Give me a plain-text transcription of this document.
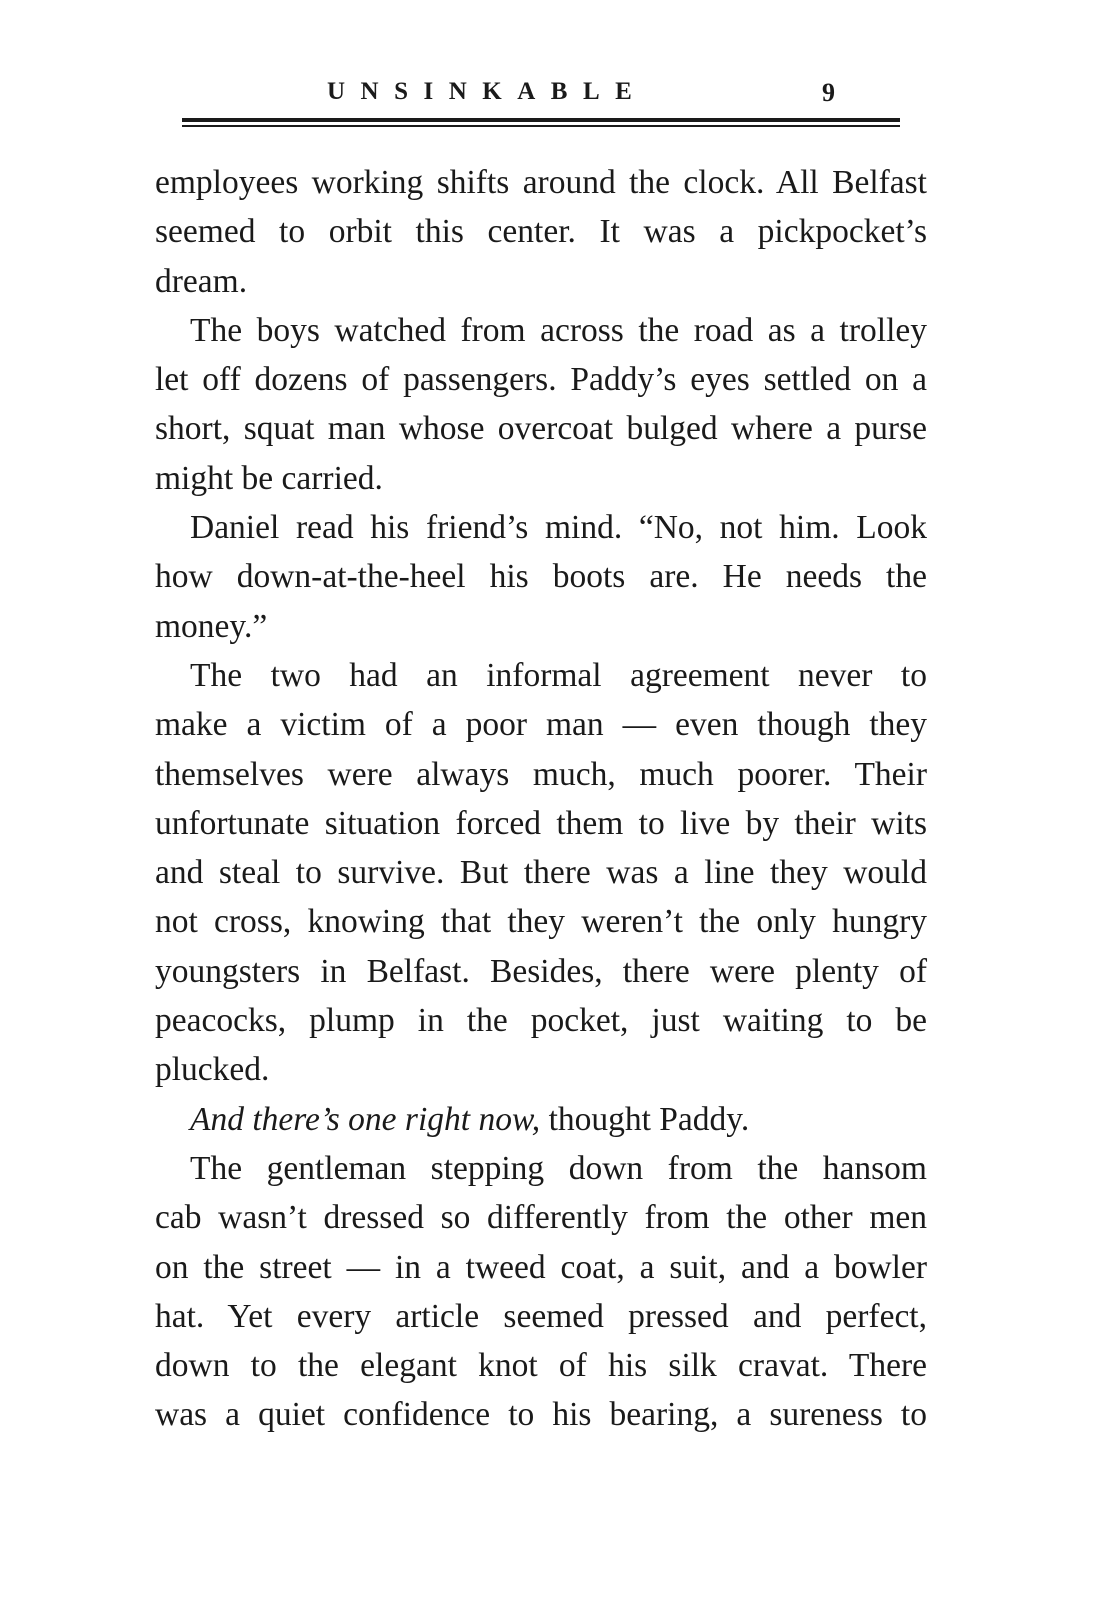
UNSINKABLE	9
employees working shifts around the clock. All Belfast
seemed to orbit this center. It was a pickpocket’s
dream.
The boys watched from across the road as a trolley
let off dozens of passengers. Paddy’s eyes settled on a
short, squat man whose overcoat bulged where a purse
might be carried.
Daniel read his friend’s mind. “No, not him. Look
how down-at-the-heel his boots are. He needs the
money.”
The two had an informal agreement never to
make a victim of a poor man — even though they
themselves were always much, much poorer. Their
unfortunate situation forced them to live by their wits
and steal to survive. But there was a line they would
not cross, knowing that they weren’t the only hungry
youngsters in Belfast. Besides, there were plenty of
peacocks, plump in the pocket, just waiting to be
plucked.
And there’s one right now, thought Paddy.
The gentleman stepping down from the hansom
cab wasn’t dressed so differently from the other men
on the street — in a tweed coat, a suit, and a bowler
hat. Yet every article seemed pressed and perfect,
down to the elegant knot of his silk cravat. There
was a quiet confidence to his bearing, a sureness to
